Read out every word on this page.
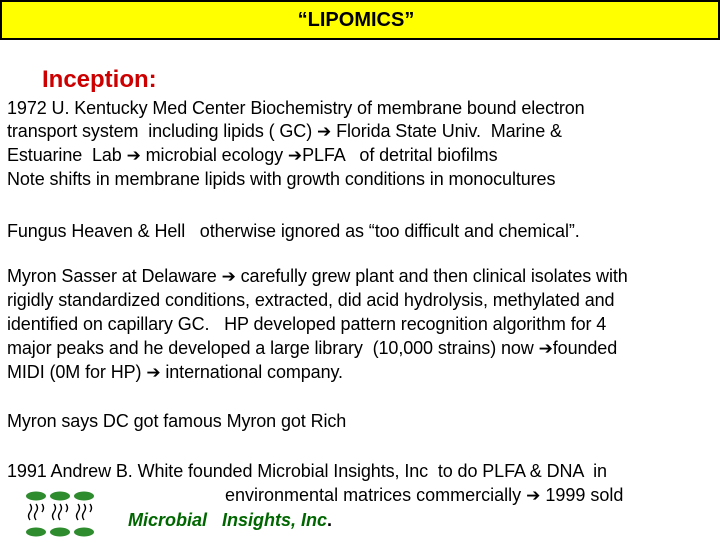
“LIPOMICS”
Inception:
1972 U. Kentucky Med Center Biochemistry of membrane bound electron
transport system  including lipids ( GC) ➔ Florida State Univ.  Marine &
Estuarine  Lab ➔ microbial ecology ➔PLFA   of detrital biofilms
Note shifts in membrane lipids with growth conditions in monocultures
Fungus Heaven & Hell   otherwise ignored as “too difficult and chemical”.
Myron Sasser at Delaware ➔ carefully grew plant and then clinical isolates with
rigidly standardized conditions, extracted, did acid hydrolysis, methylated and
identified on capillary GC.   HP developed pattern recognition algorithm for 4
major peaks and he developed a large library  (10,000 strains) now ➔founded
MIDI (0M for HP) ➔ international company.
Myron says DC got famous Myron got Rich
1991 Andrew B. White founded Microbial Insights, Inc  to do PLFA & DNA  in
environmental matrices commercially ➔ 1999 sold
Microbial Insights, Inc.
